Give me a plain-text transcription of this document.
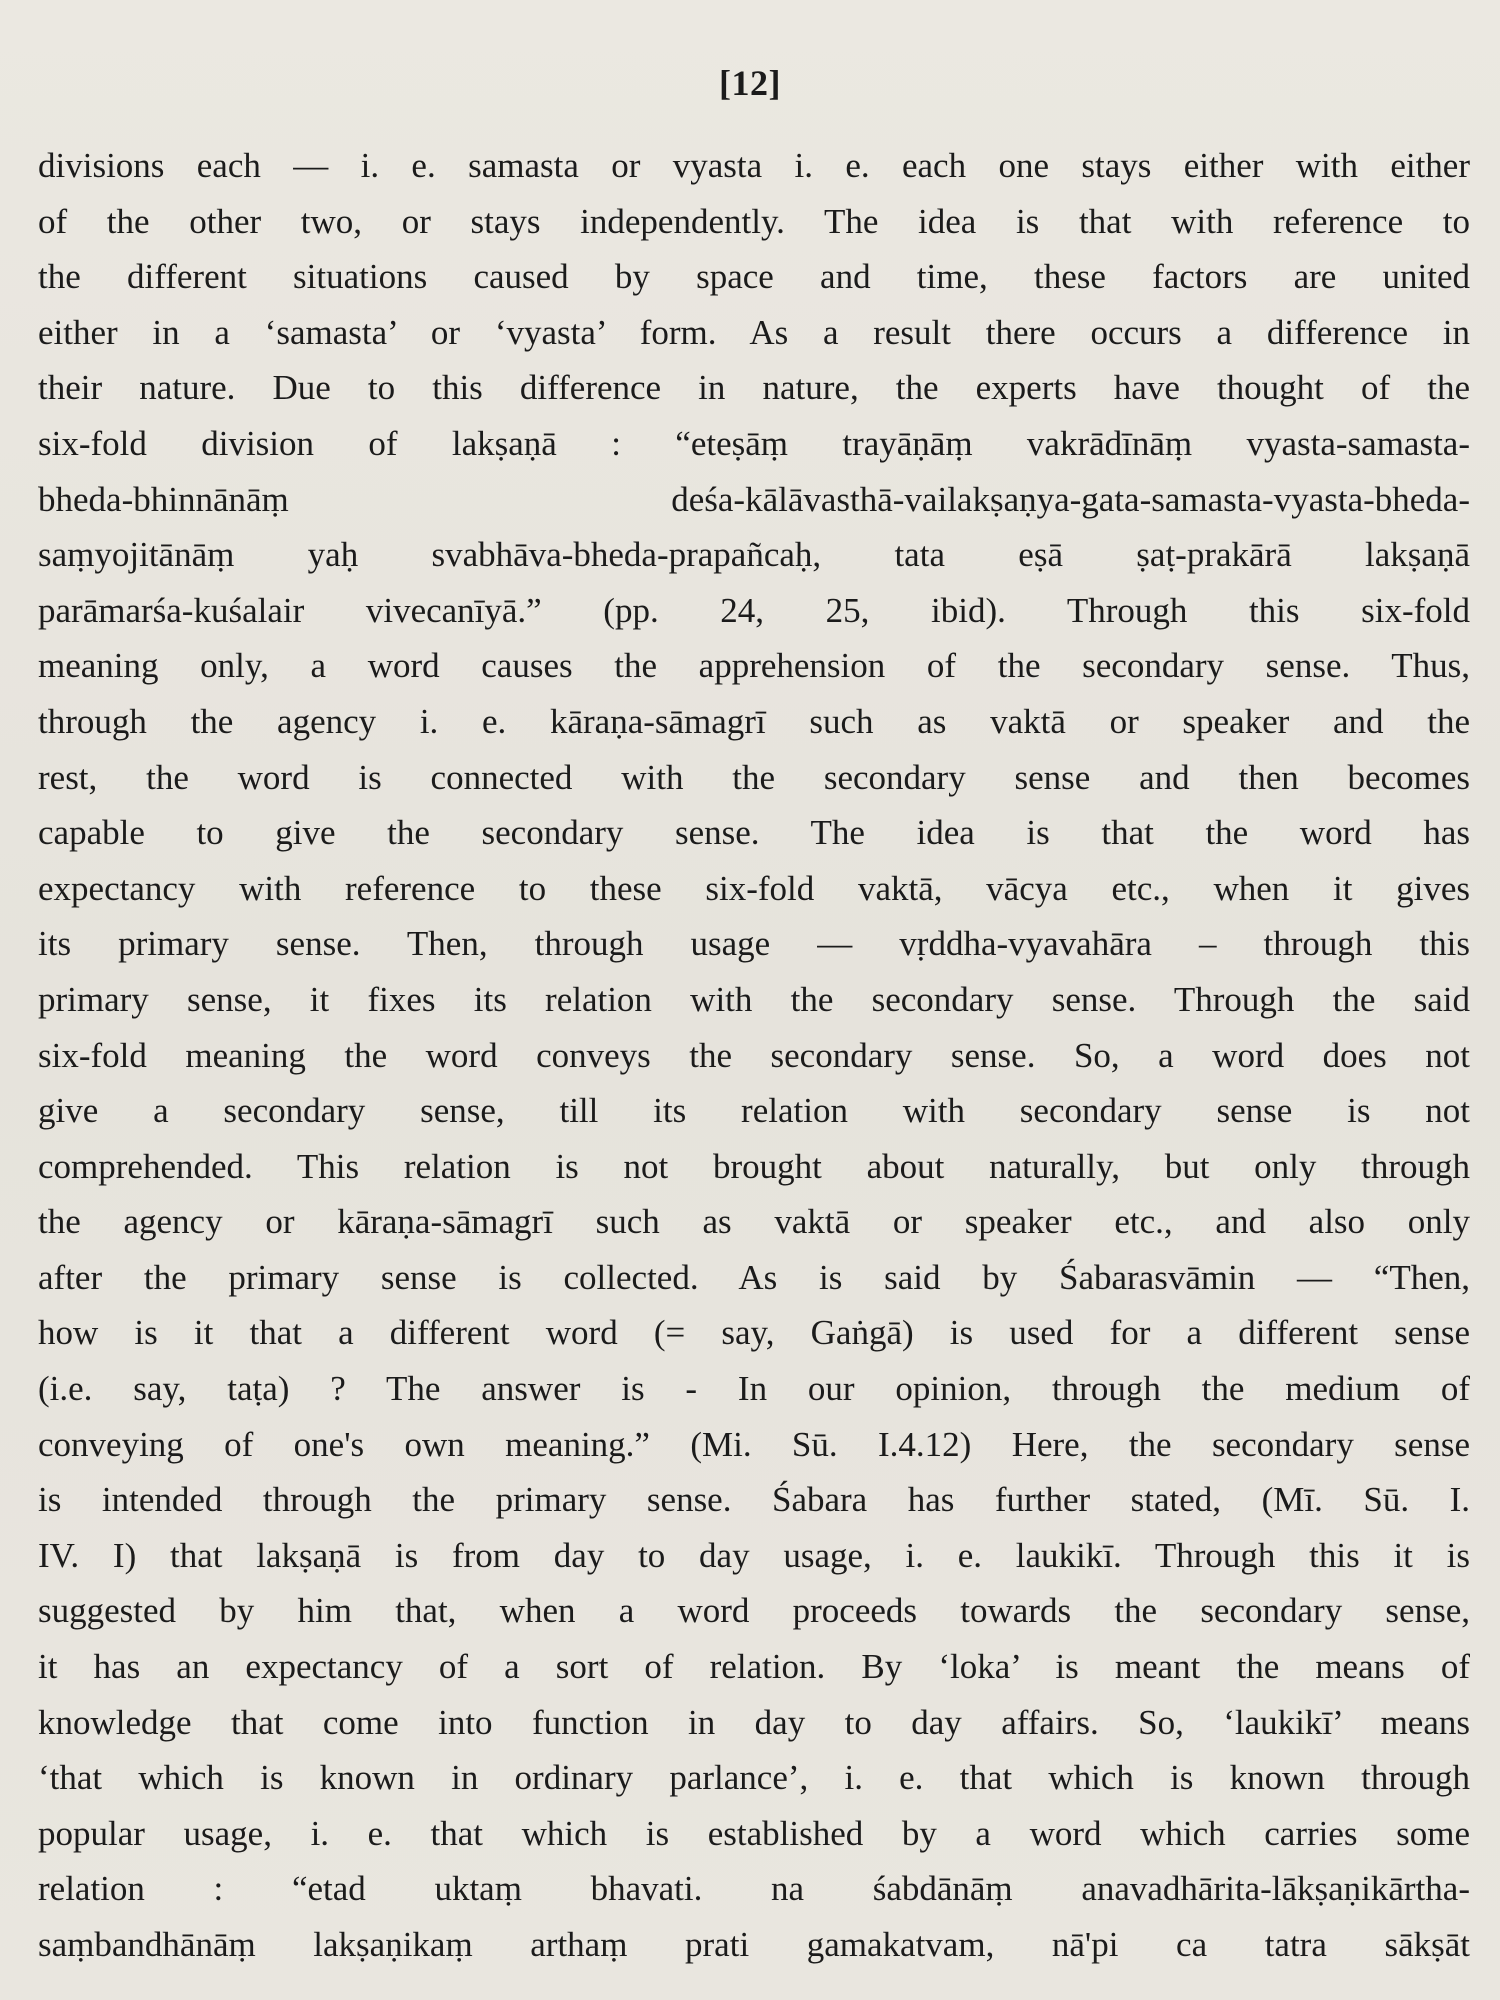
[12]
divisions each — i. e. samasta or vyasta i. e. each one stays either with either
of the other two, or stays independently. The idea is that with reference to
the different situations caused by space and time, these factors are united
either in a ‘samasta’ or ‘vyasta’ form. As a result there occurs a difference in
their nature. Due to this difference in nature, the experts have thought of the
six-fold division of lakṣaṇā : “eteṣāṃ trayāṇāṃ vakrādīnāṃ vyasta-samasta-
bheda-bhinnānāṃ deśa-kālāvasthā-vailakṣaṇya-gata-samasta-vyasta-bheda-
saṃyojitānāṃ yaḥ svabhāva-bheda-prapañcaḥ, tata eṣā ṣaṭ-prakārā lakṣaṇā
parāmarśa-kuśalair vivecanīyā.” (pp. 24, 25, ibid). Through this six-fold
meaning only, a word causes the apprehension of the secondary sense. Thus,
through the agency i. e. kāraṇa-sāmagrī such as vaktā or speaker and the
rest, the word is connected with the secondary sense and then becomes
capable to give the secondary sense. The idea is that the word has
expectancy with reference to these six-fold vaktā, vācya etc., when it gives
its primary sense. Then, through usage — vṛddha-vyavahāra – through this
primary sense, it fixes its relation with the secondary sense. Through the said
six-fold meaning the word conveys the secondary sense. So, a word does not
give a secondary sense, till its relation with secondary sense is not
comprehended. This relation is not brought about naturally, but only through
the agency or kāraṇa-sāmagrī such as vaktā or speaker etc., and also only
after the primary sense is collected. As is said by Śabarasvāmin — “Then,
how is it that a different word (= say, Gaṅgā) is used for a different sense
(i.e. say, taṭa) ? The answer is - In our opinion, through the medium of
conveying of one's own meaning.” (Mi. Sū. I.4.12) Here, the secondary sense
is intended through the primary sense. Śabara has further stated, (Mī. Sū. I.
IV. I) that lakṣaṇā is from day to day usage, i. e. laukikī. Through this it is
suggested by him that, when a word proceeds towards the secondary sense,
it has an expectancy of a sort of relation. By ‘loka’ is meant the means of
knowledge that come into function in day to day affairs. So, ‘laukikī’ means
‘that which is known in ordinary parlance’, i. e. that which is known through
popular usage, i. e. that which is established by a word which carries some
relation : “etad uktaṃ bhavati. na śabdānāṃ anavadhārita-lākṣaṇikārtha-
saṃbandhānāṃ lakṣaṇikaṃ arthaṃ prati gamakatvam, nā'pi ca tatra sākṣāt
